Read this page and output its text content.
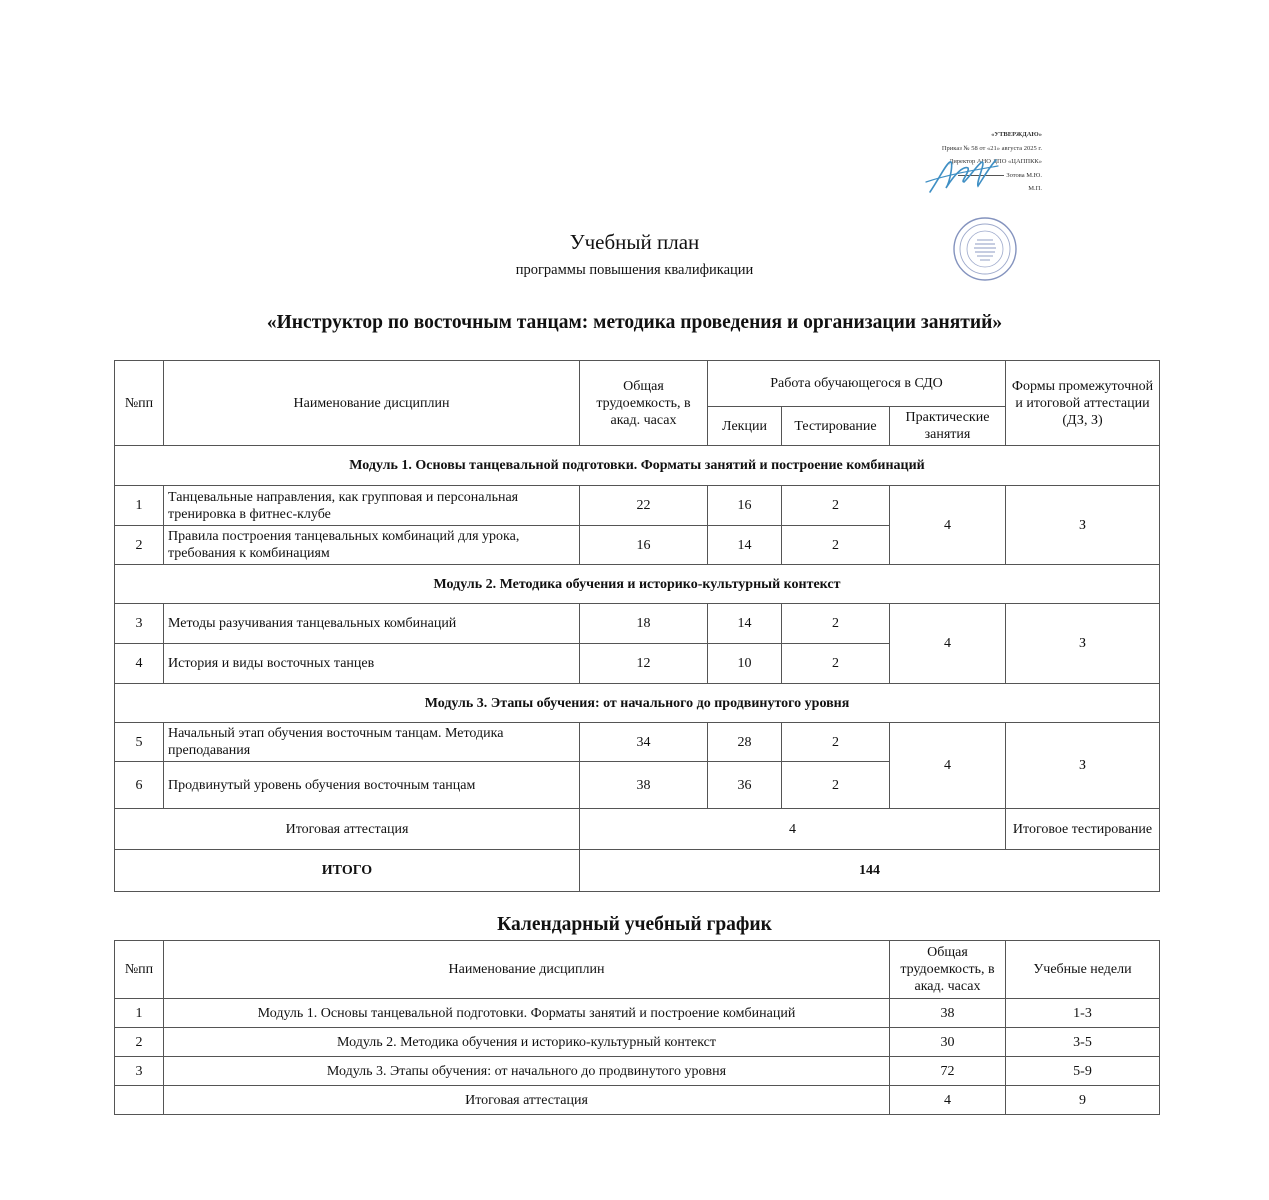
«УТВЕРЖДАЮ»
Приказ № 58 от «21» августа 2025 г.
Директор АНО ДПО «ЦАППКК»
Зотова М.Ю.
М.П.
Учебный план
программы повышения квалификации
«Инструктор по восточным танцам: методика проведения и организации занятий»
№пп	Наименование дисциплин	Общая трудоемкость, в акад. часах	Работа обучающегося в СДО			Формы промежуточной и итоговой аттестации (ДЗ, З)
			Лекции	Тестирование	Практические занятия	
Модуль 1. Основы танцевальной подготовки. Форматы занятий и построение комбинаций						
1	Танцевальные направления, как групповая и персональная тренировка в фитнес-клубе	22	16	2	4	З
2	Правила построения танцевальных комбинаций для урока, требования к комбинациям	16	14	2		
Модуль 2. Методика обучения и историко-культурный контекст						
3	Методы разучивания танцевальных комбинаций	18	14	2	4	З
4	История и виды восточных танцев	12	10	2		
Модуль 3. Этапы обучения: от начального до продвинутого уровня						
5	Начальный этап обучения восточным танцам. Методика преподавания	34	28	2	4	З
6	Продвинутый уровень обучения восточным танцам	38	36	2		
Итоговая аттестация		4				Итоговое тестирование
ИТОГО		144				
Календарный учебный график
№пп	Наименование дисциплин	Общая трудоемкость, в акад. часах	Учебные недели
1	Модуль 1. Основы танцевальной подготовки. Форматы занятий и построение комбинаций	38	1-3
2	Модуль 2. Методика обучения и историко-культурный контекст	30	3-5
3	Модуль 3. Этапы обучения: от начального до продвинутого уровня	72	5-9
	Итоговая аттестация	4	9
